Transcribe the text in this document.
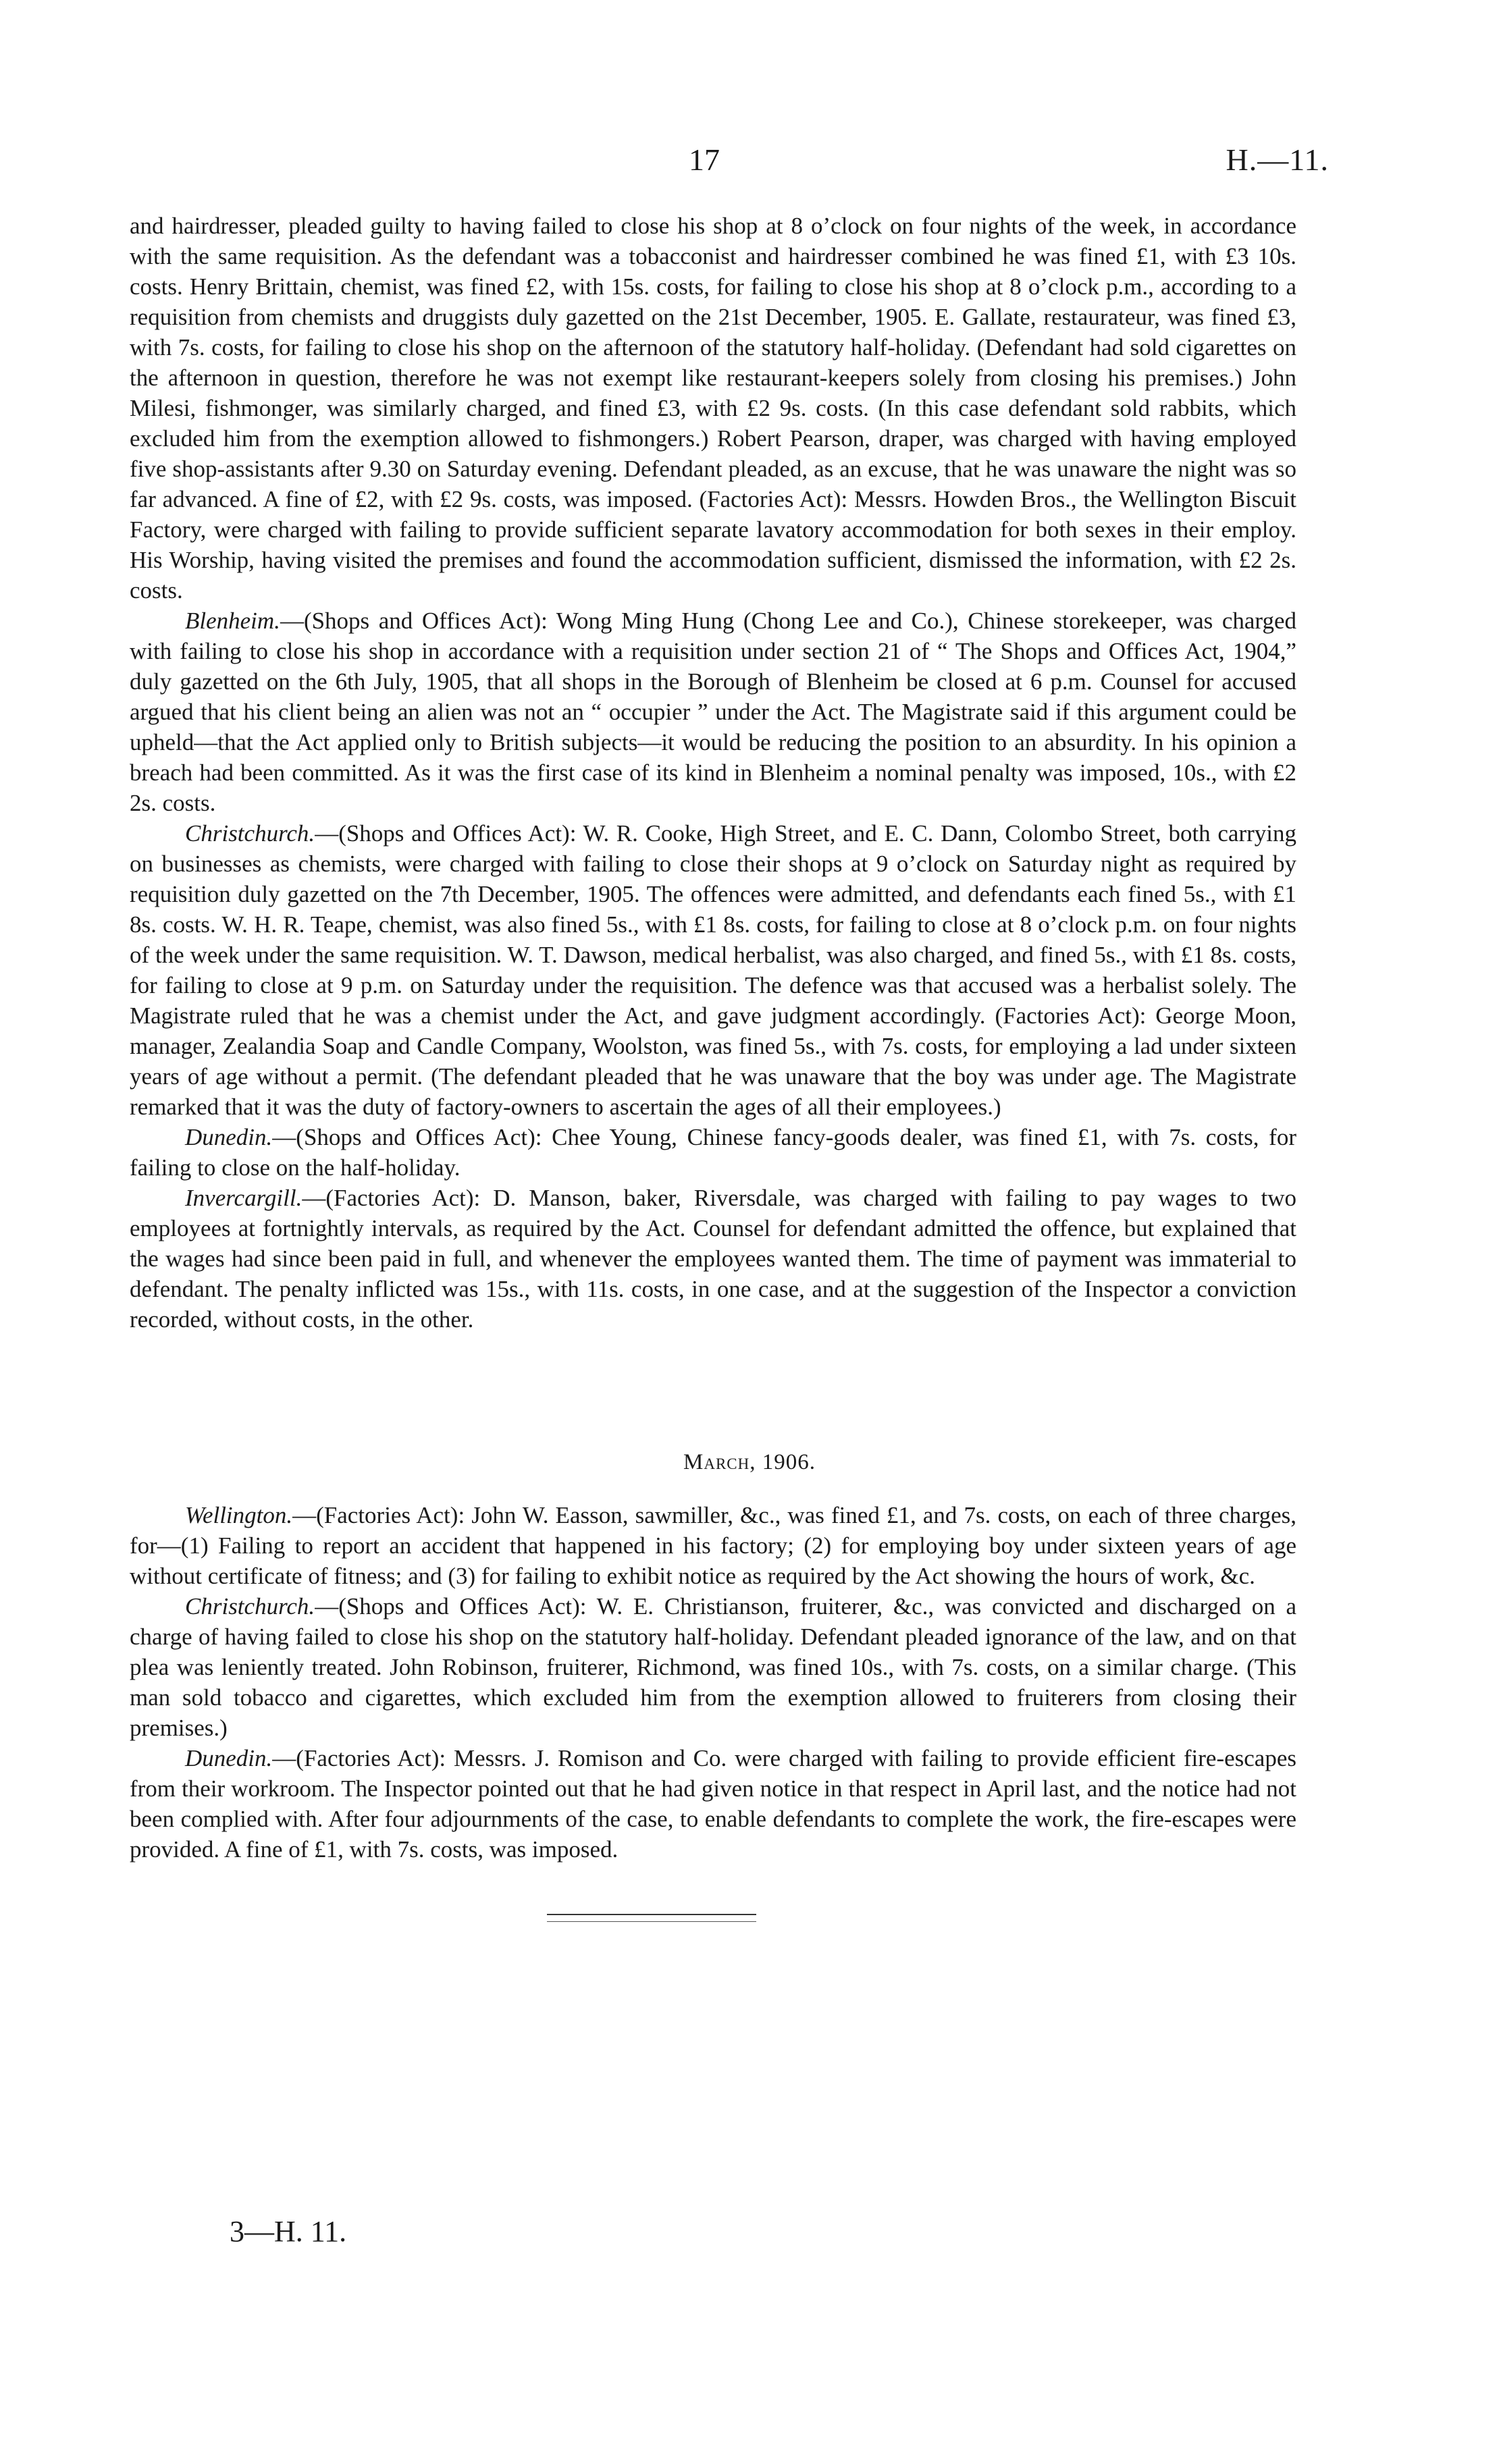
17	H.—11.

and hairdresser, pleaded guilty to having failed to close his shop at 8 o’clock on four nights of the week, in accordance with the same requisition. As the defendant was a tobacconist and hairdresser combined he was fined £1, with £3 10s. costs. Henry Brittain, chemist, was fined £2, with 15s. costs, for failing to close his shop at 8 o’clock p.m., according to a requisition from chemists and druggists duly gazetted on the 21st December, 1905. E. Gallate, restaurateur, was fined £3, with 7s. costs, for failing to close his shop on the afternoon of the statutory half-holiday. (Defendant had sold cigarettes on the afternoon in question, therefore he was not exempt like restaurant-keepers solely from closing his premises.) John Milesi, fishmonger, was similarly charged, and fined £3, with £2 9s. costs. (In this case defendant sold rabbits, which excluded him from the exemption allowed to fishmongers.) Robert Pearson, draper, was charged with having employed five shop-assistants after 9.30 on Saturday evening. Defendant pleaded, as an excuse, that he was unaware the night was so far advanced. A fine of £2, with £2 9s. costs, was imposed. (Factories Act): Messrs. Howden Bros., the Wellington Biscuit Factory, were charged with failing to provide sufficient separate lavatory accommodation for both sexes in their employ. His Worship, having visited the premises and found the accommodation sufficient, dismissed the information, with £2 2s. costs.

Blenheim.—(Shops and Offices Act): Wong Ming Hung (Chong Lee and Co.), Chinese storekeeper, was charged with failing to close his shop in accordance with a requisition under section 21 of “ The Shops and Offices Act, 1904,” duly gazetted on the 6th July, 1905, that all shops in the Borough of Blenheim be closed at 6 p.m. Counsel for accused argued that his client being an alien was not an “ occupier ” under the Act. The Magistrate said if this argument could be upheld—that the Act applied only to British subjects—it would be reducing the position to an absurdity. In his opinion a breach had been committed. As it was the first case of its kind in Blenheim a nominal penalty was imposed, 10s., with £2 2s. costs.

Christchurch.—(Shops and Offices Act): W. R. Cooke, High Street, and E. C. Dann, Colombo Street, both carrying on businesses as chemists, were charged with failing to close their shops at 9 o’clock on Saturday night as required by requisition duly gazetted on the 7th December, 1905. The offences were admitted, and defendants each fined 5s., with £1 8s. costs. W. H. R. Teape, chemist, was also fined 5s., with £1 8s. costs, for failing to close at 8 o’clock p.m. on four nights of the week under the same requisition. W. T. Dawson, medical herbalist, was also charged, and fined 5s., with £1 8s. costs, for failing to close at 9 p.m. on Saturday under the requisition. The defence was that accused was a herbalist solely. The Magistrate ruled that he was a chemist under the Act, and gave judgment accordingly. (Factories Act): George Moon, manager, Zealandia Soap and Candle Company, Woolston, was fined 5s., with 7s. costs, for employing a lad under sixteen years of age without a permit. (The defendant pleaded that he was unaware that the boy was under age. The Magistrate remarked that it was the duty of factory-owners to ascertain the ages of all their employees.)

Dunedin.—(Shops and Offices Act): Chee Young, Chinese fancy-goods dealer, was fined £1, with 7s. costs, for failing to close on the half-holiday.

Invercargill.—(Factories Act): D. Manson, baker, Riversdale, was charged with failing to pay wages to two employees at fortnightly intervals, as required by the Act. Counsel for defendant admitted the offence, but explained that the wages had since been paid in full, and whenever the employees wanted them. The time of payment was immaterial to defendant. The penalty inflicted was 15s., with 11s. costs, in one case, and at the suggestion of the Inspector a conviction recorded, without costs, in the other.

March, 1906.

Wellington.—(Factories Act): John W. Easson, sawmiller, &c., was fined £1, and 7s. costs, on each of three charges, for—(1) Failing to report an accident that happened in his factory; (2) for employing boy under sixteen years of age without certificate of fitness; and (3) for failing to exhibit notice as required by the Act showing the hours of work, &c.

Christchurch.—(Shops and Offices Act): W. E. Christianson, fruiterer, &c., was convicted and discharged on a charge of having failed to close his shop on the statutory half-holiday. Defendant pleaded ignorance of the law, and on that plea was leniently treated. John Robinson, fruiterer, Richmond, was fined 10s., with 7s. costs, on a similar charge. (This man sold tobacco and cigarettes, which excluded him from the exemption allowed to fruiterers from closing their premises.)

Dunedin.—(Factories Act): Messrs. J. Romison and Co. were charged with failing to provide efficient fire-escapes from their workroom. The Inspector pointed out that he had given notice in that respect in April last, and the notice had not been complied with. After four adjournments of the case, to enable defendants to complete the work, the fire-escapes were provided. A fine of £1, with 7s. costs, was imposed.

3—H. 11.
